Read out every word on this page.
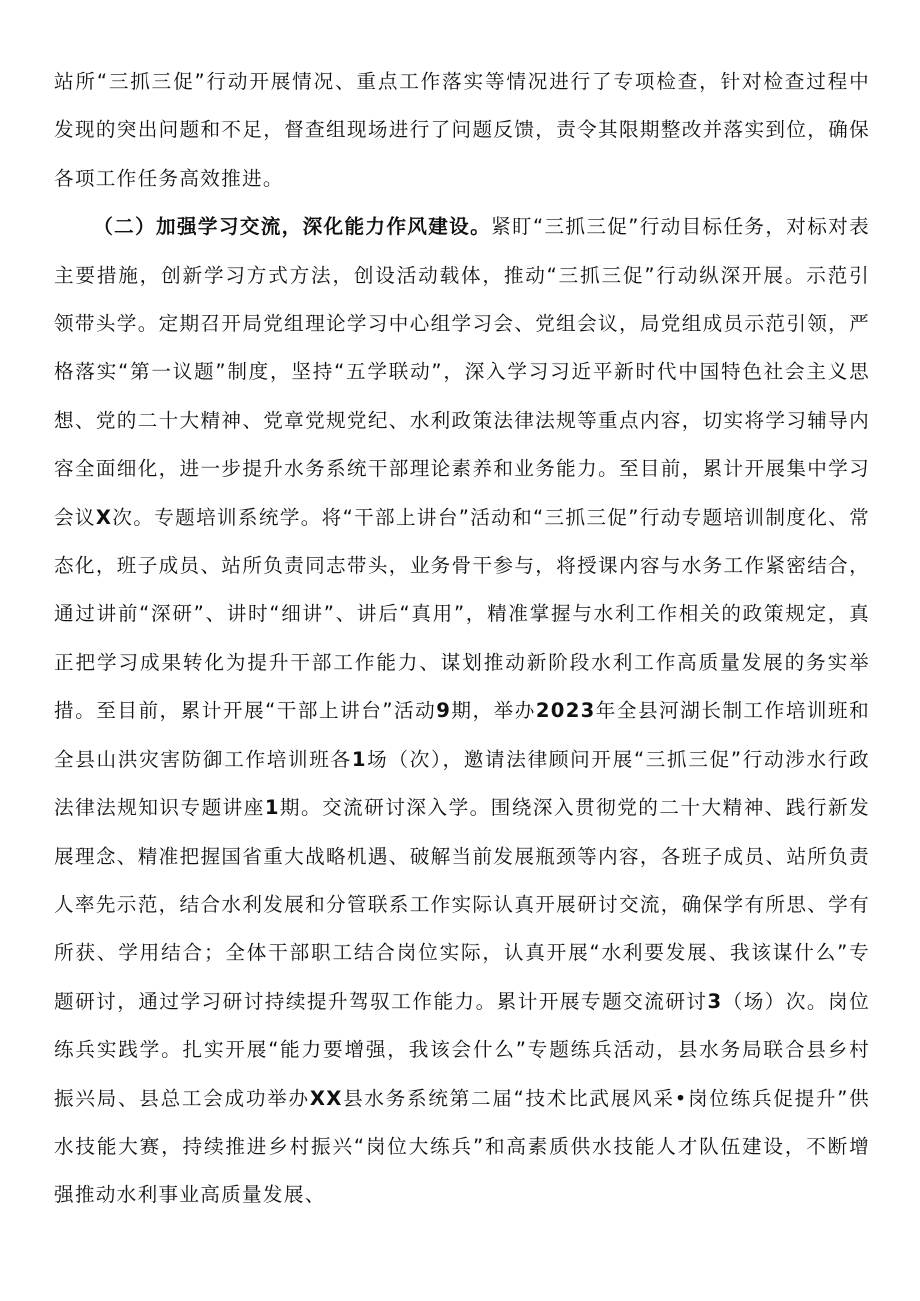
站所“三抓三促”行动开展情况、重点工作落实等情况进行了专项检查，针对检查过程中发现的突出问题和不足，督查组现场进行了问题反馈，责令其限期整改并落实到位，确保各项工作任务高效推进。

（二）加强学习交流，深化能力作风建设。紧盯“三抓三促”行动目标任务，对标对表主要措施，创新学习方式方法，创设活动载体，推动“三抓三促”行动纵深开展。示范引领带头学。定期召开局党组理论学习中心组学习会、党组会议，局党组成员示范引领，严格落实“第一议题”制度，坚持“五学联动”，深入学习习近平新时代中国特色社会主义思想、党的二十大精神、党章党规党纪、水利政策法律法规等重点内容，切实将学习辅导内容全面细化，进一步提升水务系统干部理论素养和业务能力。至目前，累计开展集中学习会议X次。专题培训系统学。将“干部上讲台”活动和“三抓三促”行动专题培训制度化、常态化，班子成员、站所负责同志带头，业务骨干参与，将授课内容与水务工作紧密结合，通过讲前“深研”、讲时“细讲”、讲后“真用”，精准掌握与水利工作相关的政策规定，真正把学习成果转化为提升干部工作能力、谋划推动新阶段水利工作高质量发展的务实举措。至目前，累计开展“干部上讲台”活动9期，举办2023年全县河湖长制工作培训班和全县山洪灾害防御工作培训班各1场（次），邀请法律顾问开展“三抓三促”行动涉水行政法律法规知识专题讲座1期。交流研讨深入学。围绕深入贯彻党的二十大精神、践行新发展理念、精准把握国省重大战略机遇、破解当前发展瓶颈等内容，各班子成员、站所负责人率先示范，结合水利发展和分管联系工作实际认真开展研讨交流，确保学有所思、学有所获、学用结合；全体干部职工结合岗位实际，认真开展“水利要发展、我该谋什么”专题研讨，通过学习研讨持续提升驾驭工作能力。累计开展专题交流研讨3（场）次。岗位练兵实践学。扎实开展“能力要增强，我该会什么”专题练兵活动，县水务局联合县乡村振兴局、县总工会成功举办XX县水务系统第二届“技术比武展风采•岗位练兵促提升”供水技能大赛，持续推进乡村振兴“岗位大练兵”和高素质供水技能人才队伍建设，不断增强推动水利事业高质量发展、
